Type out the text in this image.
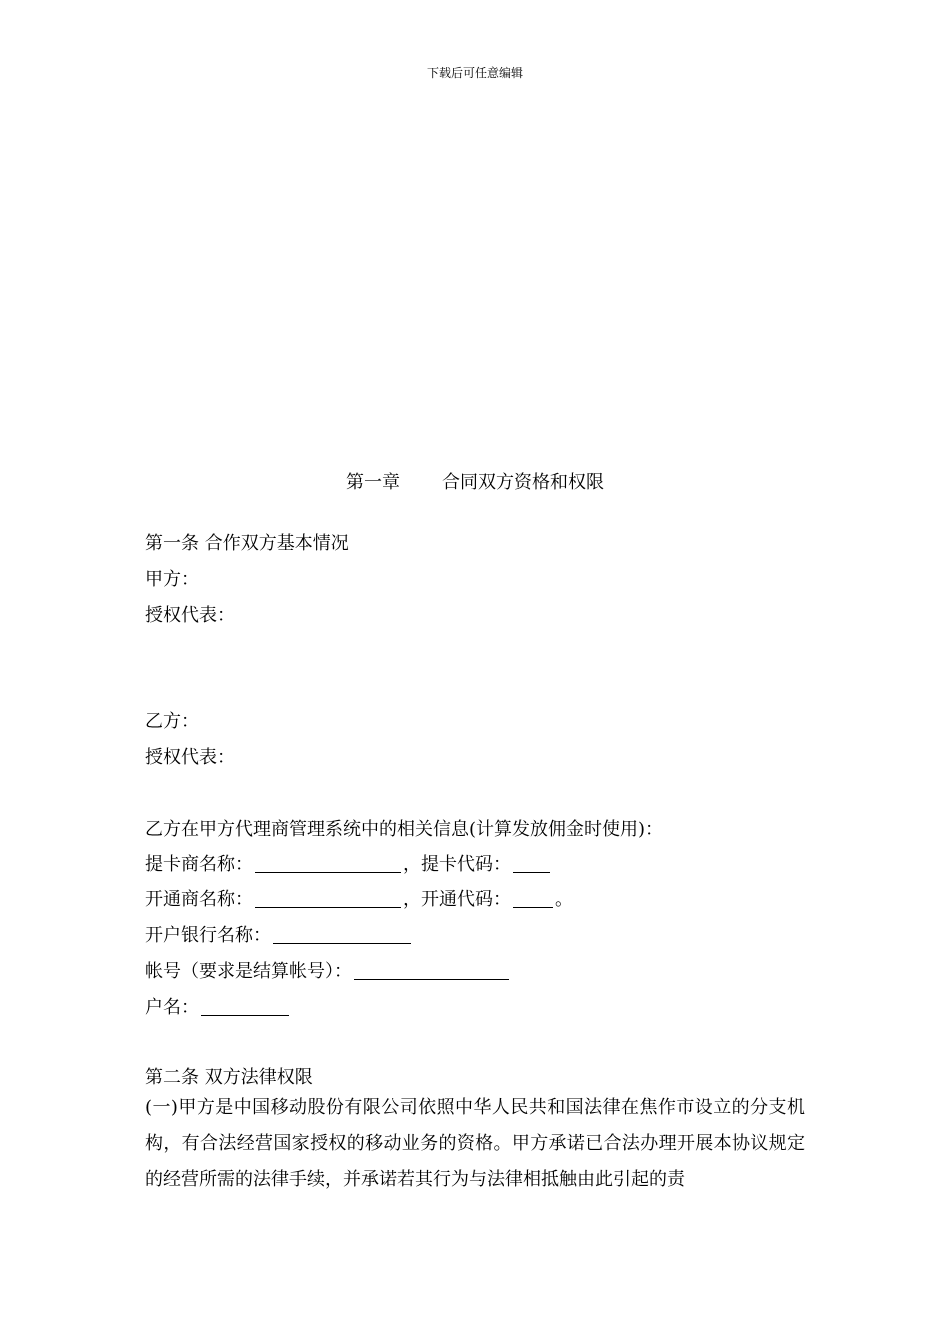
下载后可任意编辑
第一章 合同双方资格和权限
第一条 合作双方基本情况
甲方：
授权代表：
乙方：
授权代表：
乙方在甲方代理商管理系统中的相关信息(计算发放佣金时使用)：
提卡商名称：	，提卡代码：
开通商名称：	，开通代码： 。
开户银行名称：
帐号（要求是结算帐号）：
户名：
第二条 双方法律权限
(一)甲方是中国移动股份有限公司依照中华人民共和国法律在焦作市设立的分支机构，有合法经营国家授权的移动业务的资格。甲方承诺已合法办理开展本协议规定的经营所需的法律手续，并承诺若其行为与法律相抵触由此引起的责
